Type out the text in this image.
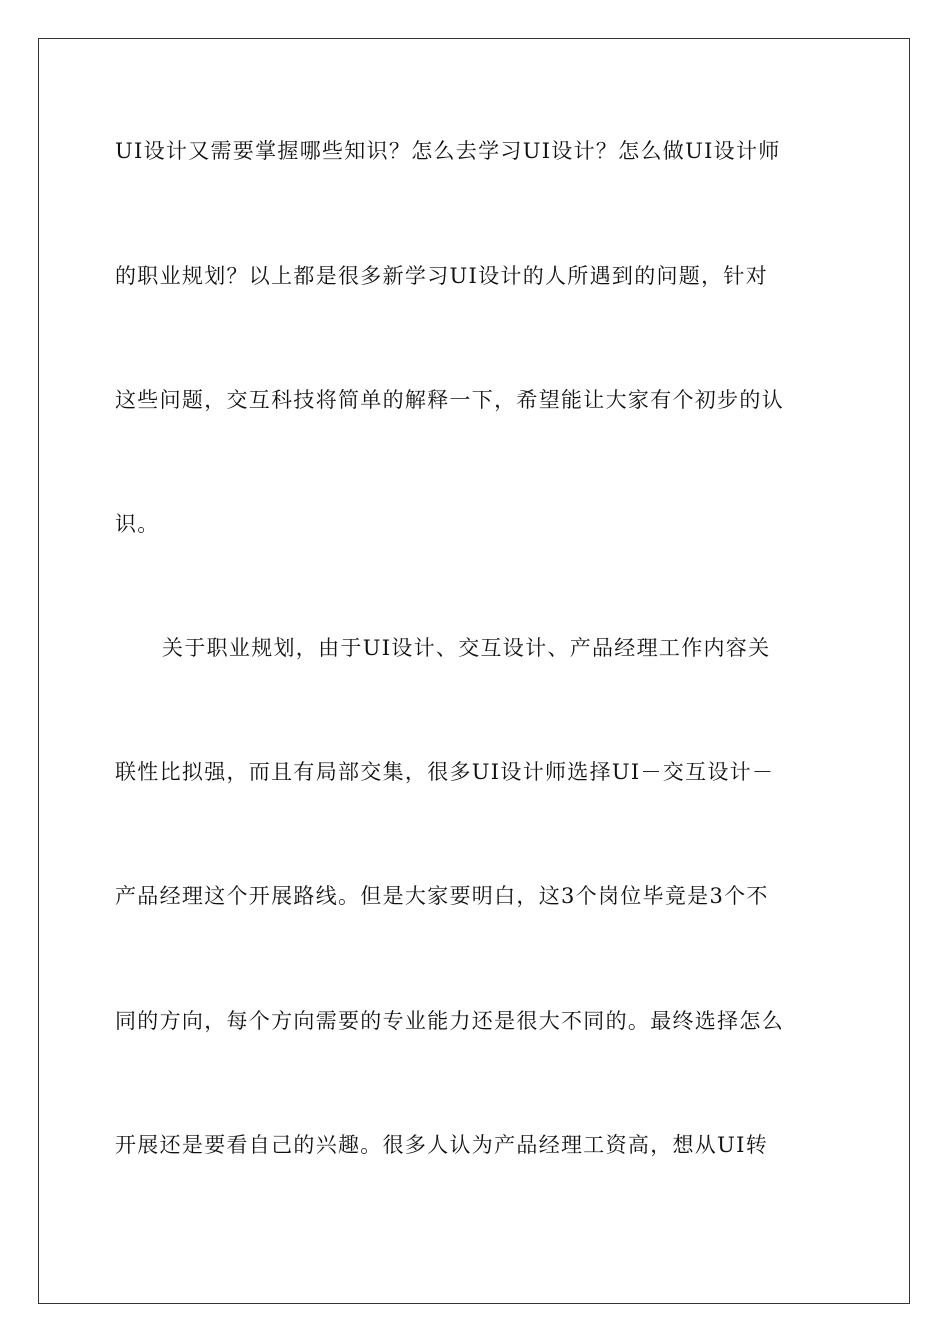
UI设计又需要掌握哪些知识？怎么去学习UI设计？怎么做UI设计师
的职业规划？以上都是很多新学习UI设计的人所遇到的问题，针对
这些问题，交互科技将简单的解释一下，希望能让大家有个初步的认
识。
关于职业规划，由于UI设计、交互设计、产品经理工作内容关
联性比拟强，而且有局部交集，很多UI设计师选择UI－交互设计－
产品经理这个开展路线。但是大家要明白，这3个岗位毕竟是3个不
同的方向，每个方向需要的专业能力还是很大不同的。最终选择怎么
开展还是要看自己的兴趣。很多人认为产品经理工资高，想从UI转
